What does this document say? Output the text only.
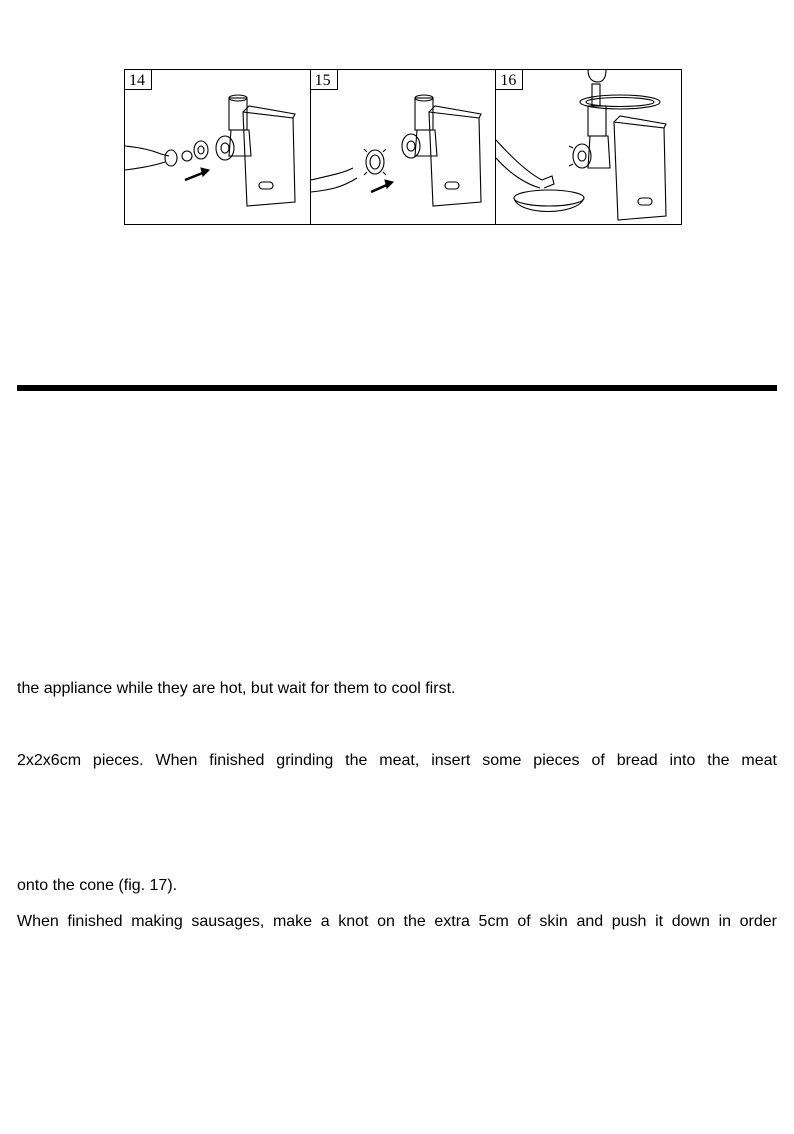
14	15	16
the appliance while they are hot, but wait for them to cool first.
2x2x6cm pieces. When finished grinding the meat, insert some pieces of bread into the meat
onto the cone (fig. 17).
When finished making sausages, make a knot on the extra 5cm of skin and push it down in order
